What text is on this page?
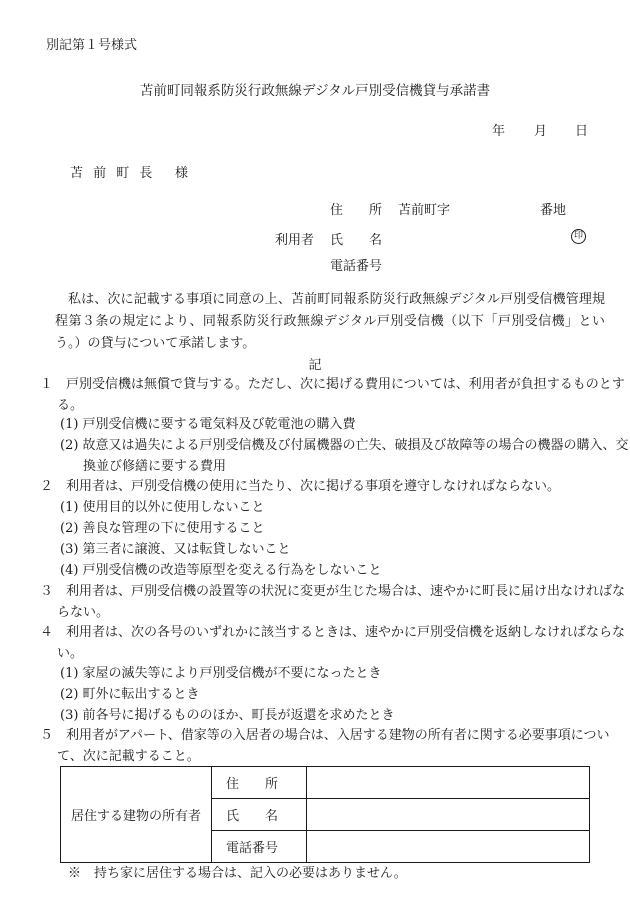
別記第１号様式
苫前町同報系防災行政無線デジタル戸別受信機貸与承諾書
年 月 日
苫 前 町 長 様
住　　所 苫前町字	番地
利用者 氏　　名	印
電話番号
私は、次に記載する事項に同意の上、苫前町同報系防災行政無線デジタル戸別受信機管理規程第３条の規定により、同報系防災行政無線デジタル戸別受信機（以下「戸別受信機」という。）の貸与について承諾します。
記
１　戸別受信機は無償で貸与する。ただし、次に掲げる費用については、利用者が負担するものとする。
(1) 戸別受信機に要する電気料及び乾電池の購入費
(2) 故意又は過失による戸別受信機及び付属機器の亡失、破損及び故障等の場合の機器の購入、交換並び修繕に要する費用
２　利用者は、戸別受信機の使用に当たり、次に掲げる事項を遵守しなければならない。
(1) 使用目的以外に使用しないこと
(2) 善良な管理の下に使用すること
(3) 第三者に譲渡、又は転貸しないこと
(4) 戸別受信機の改造等原型を変える行為をしないこと
３　利用者は、戸別受信機の設置等の状況に変更が生じた場合は、速やかに町長に届け出なければならない。
４　利用者は、次の各号のいずれかに該当するときは、速やかに戸別受信機を返納しなければならない。
(1) 家屋の滅失等により戸別受信機が不要になったとき
(2) 町外に転出するとき
(3) 前各号に掲げるもののほか、町長が返還を求めたとき
５　利用者がアパート、借家等の入居者の場合は、入居する建物の所有者に関する必要事項について、次に記載すること。
居住する建物の所有者	住　　所	
	氏　　名	
	電話番号	
※　持ち家に居住する場合は、記入の必要はありません。
